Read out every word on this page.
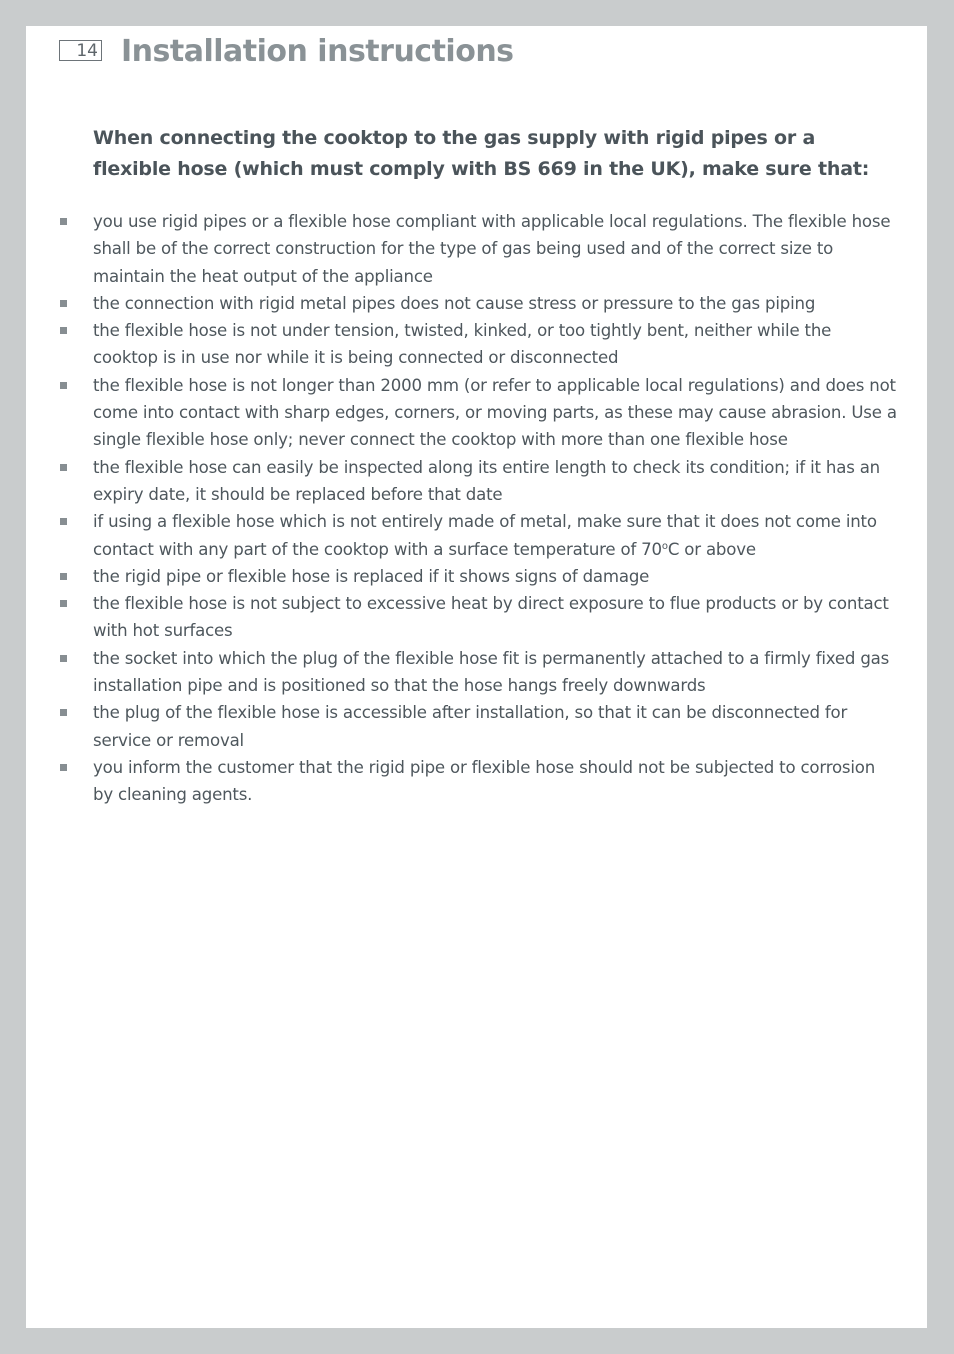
14 Installation instructions

When connecting the cooktop to the gas supply with rigid pipes or a flexible hose (which must comply with BS 669 in the UK), make sure that:

you use rigid pipes or a flexible hose compliant with applicable local regulations. The flexible hose shall be of the correct construction for the type of gas being used and of the correct size to maintain the heat output of the appliance
the connection with rigid metal pipes does not cause stress or pressure to the gas piping
the flexible hose is not under tension, twisted, kinked, or too tightly bent, neither while the cooktop is in use nor while it is being connected or disconnected
the flexible hose is not longer than 2000 mm (or refer to applicable local regulations) and does not come into contact with sharp edges, corners, or moving parts, as these may cause abrasion. Use a single flexible hose only; never connect the cooktop with more than one flexible hose
the flexible hose can easily be inspected along its entire length to check its condition; if it has an expiry date, it should be replaced before that date
if using a flexible hose which is not entirely made of metal, make sure that it does not come into contact with any part of the cooktop with a surface temperature of 70$^o$C or above
the rigid pipe or flexible hose is replaced if it shows signs of damage
the flexible hose is not subject to excessive heat by direct exposure to flue products or by contact with hot surfaces
the socket into which the plug of the flexible hose fit is permanently attached to a firmly fixed gas installation pipe and is positioned so that the hose hangs freely downwards
the plug of the flexible hose is accessible after installation, so that it can be disconnected for service or removal
you inform the customer that the rigid pipe or flexible hose should not be subjected to corrosion by cleaning agents.
